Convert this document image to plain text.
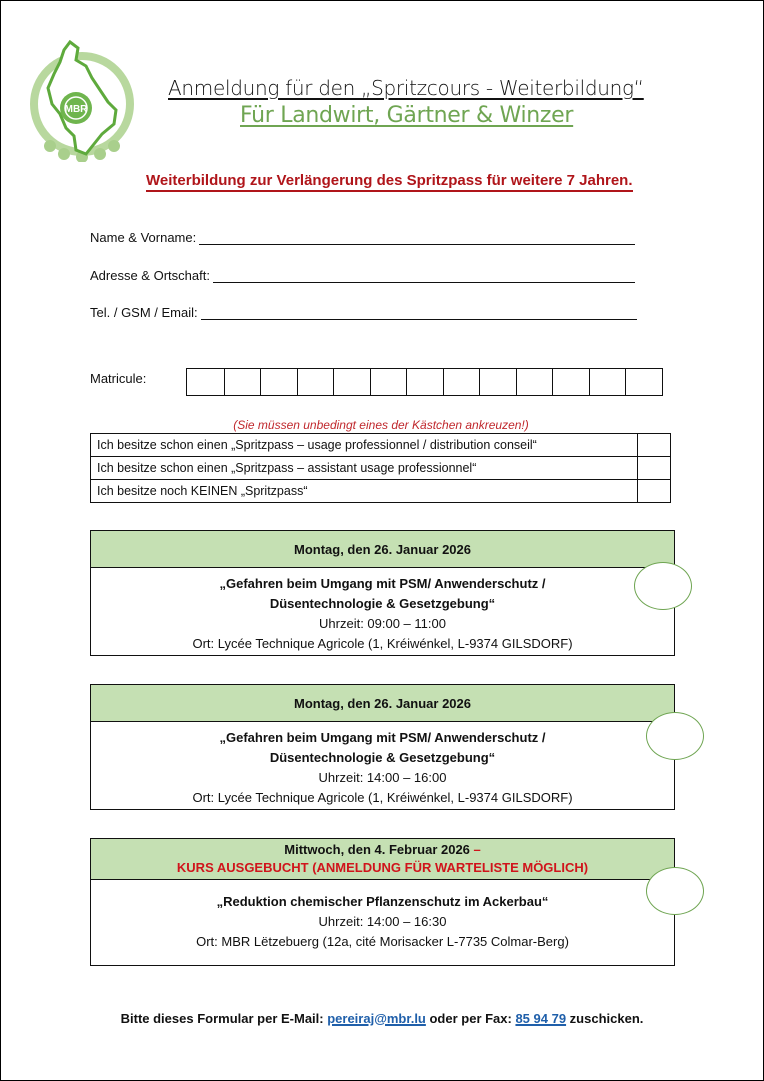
MBR
Anmeldung für den „Spritzcours - Weiterbildung“
Für Landwirt, Gärtner & Winzer
Weiterbildung zur Verlängerung des Spritzpass für weitere 7 Jahren.
Name & Vorname:
Adresse & Ortschaft:
Tel. / GSM / Email:
Matricule:
(Sie müssen unbedingt eines der Kästchen ankreuzen!)
Ich besitze schon einen „Spritzpass – usage professionnel / distribution conseil“	
Ich besitze schon einen „Spritzpass – assistant usage professionnel“	
Ich besitze noch KEINEN „Spritzpass“	
Montag, den 26. Januar 2026
„Gefahren beim Umgang mit PSM/ Anwenderschutz /
Düsentechnologie & Gesetzgebung“
Uhrzeit: 09:00 – 11:00
Ort: Lycée Technique Agricole (1, Kréiwénkel, L-9374 GILSDORF)
Montag, den 26. Januar 2026
„Gefahren beim Umgang mit PSM/ Anwenderschutz /
Düsentechnologie & Gesetzgebung“
Uhrzeit: 14:00 – 16:00
Ort: Lycée Technique Agricole (1, Kréiwénkel, L-9374 GILSDORF)
Mittwoch, den 4. Februar 2026 –
KURS AUSGEBUCHT (ANMELDUNG FÜR WARTELISTE MÖGLICH)
„Reduktion chemischer Pflanzenschutz im Ackerbau“
Uhrzeit: 14:00 – 16:30
Ort: MBR Lëtzebuerg (12a, cité Morisacker L-7735 Colmar-Berg)
Bitte dieses Formular per E-Mail: pereiraj@mbr.lu oder per Fax: 85 94 79 zuschicken.
